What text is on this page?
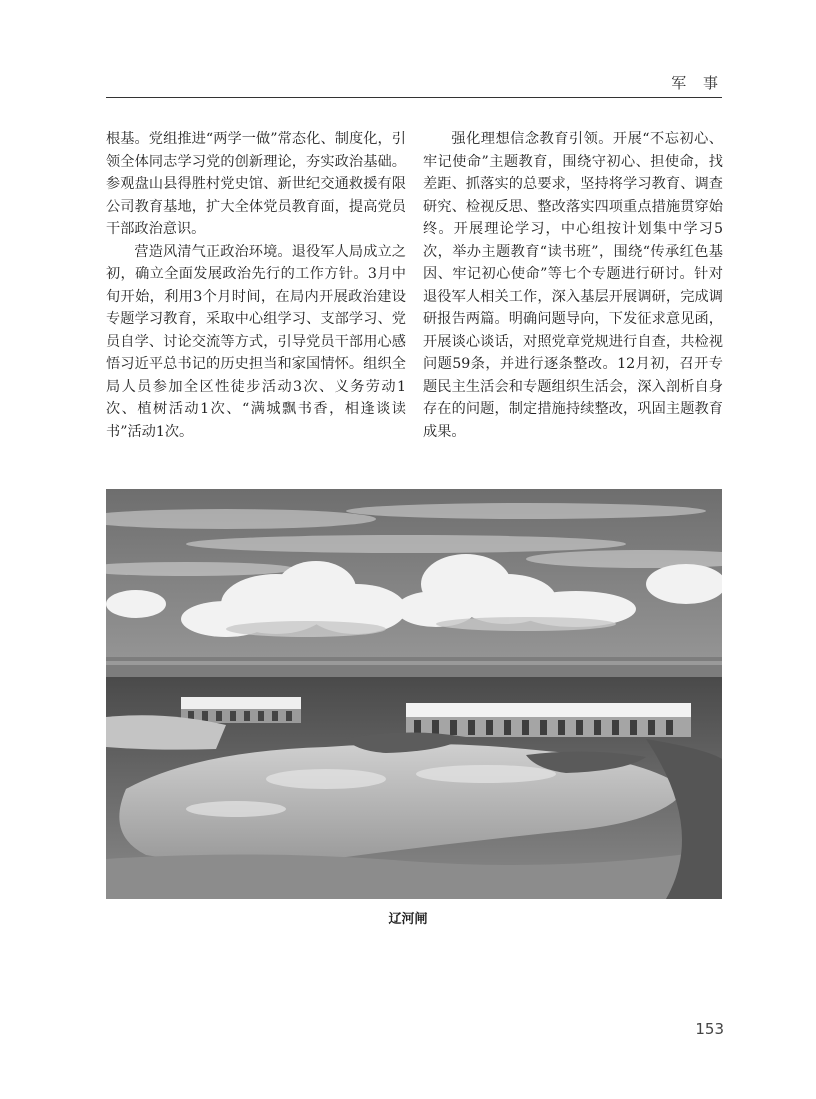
军 事

根基。党组推进“两学一做”常态化、制度化，引领全体同志学习党的创新理论，夯实政治基础。参观盘山县得胜村党史馆、新世纪交通救援有限公司教育基地，扩大全体党员教育面，提高党员干部政治意识。

营造风清气正政治环境。退役军人局成立之初，确立全面发展政治先行的工作方针。3月中旬开始，利用3个月时间，在局内开展政治建设专题学习教育，采取中心组学习、支部学习、党员自学、讨论交流等方式，引导党员干部用心感悟习近平总书记的历史担当和家国情怀。组织全局人员参加全区性徒步活动3次、义务劳动1次、植树活动1次、“满城飘书香，相逢谈读书”活动1次。

强化理想信念教育引领。开展“不忘初心、牢记使命”主题教育，围绕守初心、担使命，找差距、抓落实的总要求，坚持将学习教育、调查研究、检视反思、整改落实四项重点措施贯穿始终。开展理论学习，中心组按计划集中学习5次，举办主题教育“读书班”，围绕“传承红色基因、牢记初心使命”等七个专题进行研讨。针对退役军人相关工作，深入基层开展调研，完成调研报告两篇。明确问题导向，下发征求意见函，开展谈心谈话，对照党章党规进行自查，共检视问题59条，并进行逐条整改。12月初，召开专题民主生活会和专题组织生活会，深入剖析自身存在的问题，制定措施持续整改，巩固主题教育成果。

辽河闸
153
